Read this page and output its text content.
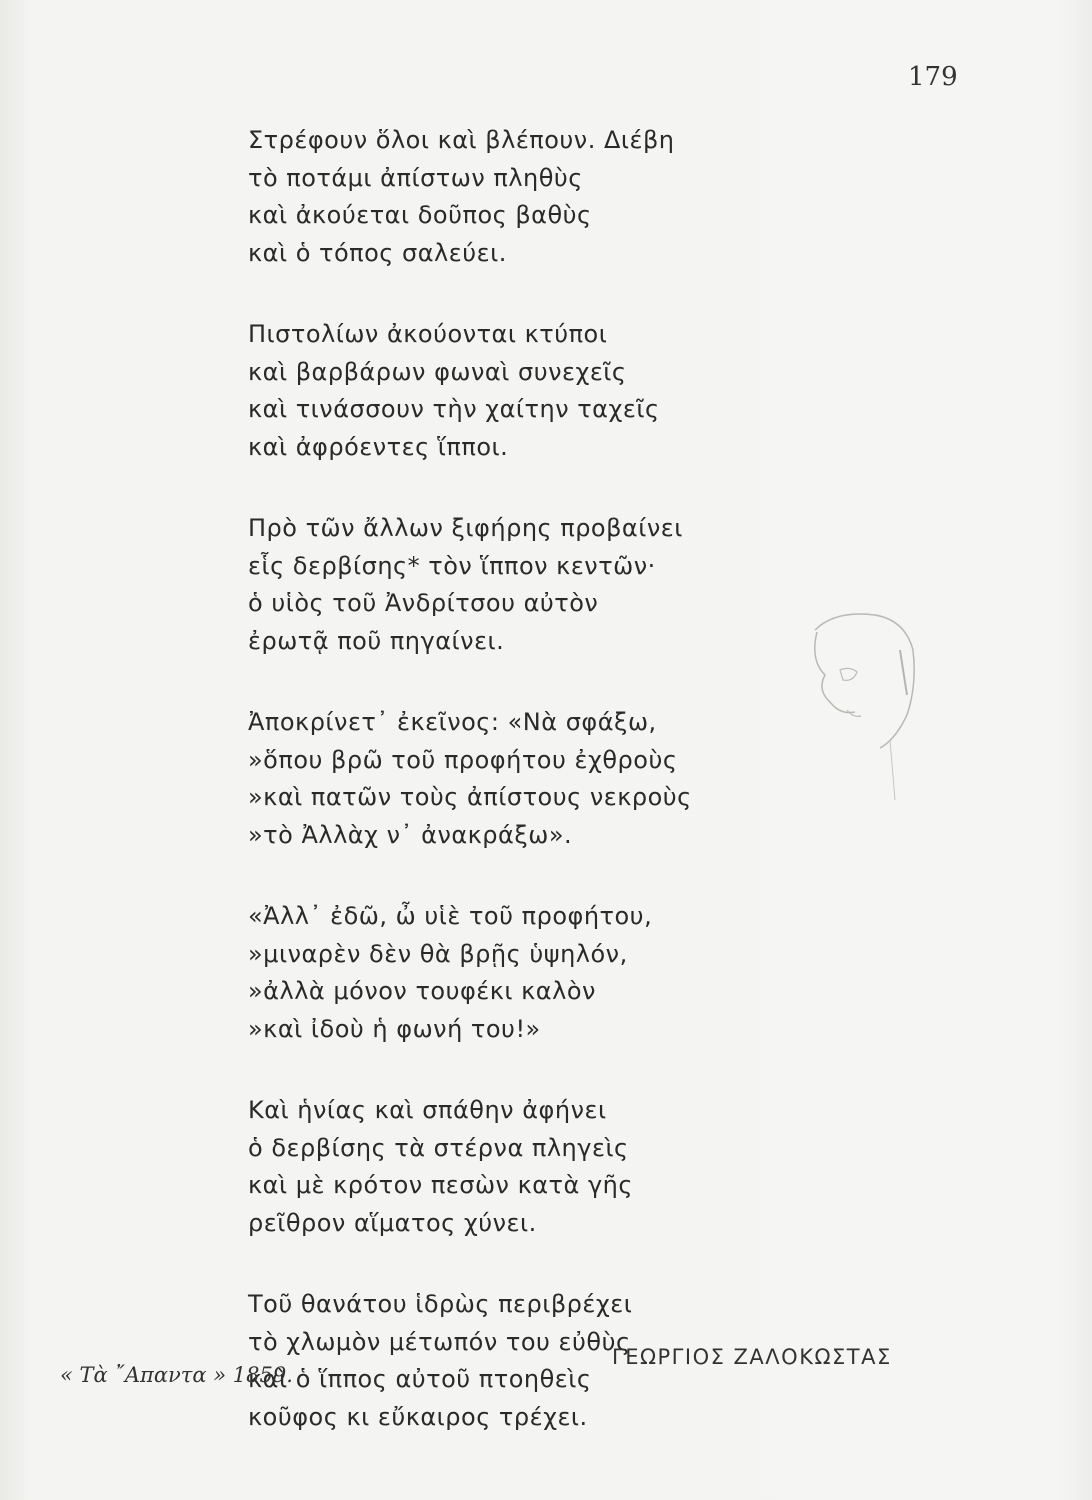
179
Στρέφουν ὅλοι καὶ βλέπουν. Διέβη
τὸ ποτάμι ἀπίστων πληθὺς
καὶ ἀκούεται δοῦπος βαθὺς
καὶ ὁ τόπος σαλεύει.
Πιστολίων ἀκούονται κτύποι
καὶ βαρβάρων φωναὶ συνεχεῖς
καὶ τινάσσουν τὴν χαίτην ταχεῖς
καὶ ἀφρόεντες ἵπποι.
Πρὸ τῶν ἄλλων ξιφήρης προβαίνει
εἷς δερβίσης* τὸν ἵππον κεντῶν·
ὁ υἱὸς τοῦ Ἀνδρίτσου αὐτὸν
ἐρωτᾷ ποῦ πηγαίνει.
Ἀποκρίνετ᾽ ἐκεῖνος: «Νὰ σφάξω,
»ὅπου βρῶ τοῦ προφήτου ἐχθροὺς
»καὶ πατῶν τοὺς ἀπίστους νεκροὺς
»τὸ Ἀλλὰχ ν᾽ ἀνακράξω».
«Ἀλλ᾽ ἐδῶ, ὦ υἱὲ τοῦ προφήτου,
»μιναρὲν δὲν θὰ βρῇς ὑψηλόν,
»ἀλλὰ μόνον τουφέκι καλὸν
»καὶ ἰδοὺ ἡ φωνή του!»
Καὶ ἡνίας καὶ σπάθην ἀφήνει
ὁ δερβίσης τὰ στέρνα πληγεὶς
καὶ μὲ κρότον πεσὼν κατὰ γῆς
ρεῖθρον αἵματος χύνει.
Τοῦ θανάτου ἱδρὼς περιβρέχει
τὸ χλωμὸν μέτωπόν του εὐθὺς
καὶ ὁ ἵππος αὐτοῦ πτοηθεὶς
κοῦφος κι εὔκαιρος τρέχει.
ΓΕΩΡΓΙΟΣ ΖΑΛΟΚΩΣΤΑΣ
« Τὰ ῎Απαντα » 1859.
